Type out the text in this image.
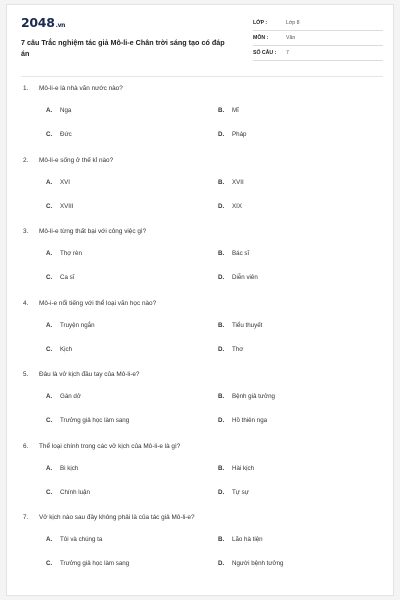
2048.vn
7 câu Trắc nghiệm tác giả Mô-li-e Chân trời sáng tạo có đáp án
LỚP :	Lớp 8
MÔN :	Văn
SỐ CÂU : 7
1. Mô-li-e là nhà văn nước nào?
A. Nga	B. Mĩ
C. Đức	D. Pháp
2. Mô-li-e sống ở thế kỉ nào?
A. XVI	B. XVII
C. XVIII	D. XIX
3. Mô-li-e từng thất bại với công việc gì?
A. Thợ rèn	B. Bác sĩ
C. Ca sĩ	D. Diễn viên
4. Mô-i-e nổi tiếng với thể loại văn học nào?
A. Truyện ngắn	B. Tiểu thuyết
C. Kịch	D. Thơ
5. Đâu là vở kịch đầu tay của Mô-li-e?
A. Gàn dở	B. Bệnh giả tưởng
C. Trưởng giả học làm sang	D. Hồ thiên nga
6. Thể loại chính trong các vở kịch của Mô-li-e là gì?
A. Bi kịch	B. Hài kịch
C. Chính luận	D. Tự sự
7. Vở kịch nào sau đây không phải là của tác giả Mô-li-e?
A. Tôi và chúng ta	B. Lão hà tiện
C. Trưởng giả học làm sang	D. Người bệnh tưởng
